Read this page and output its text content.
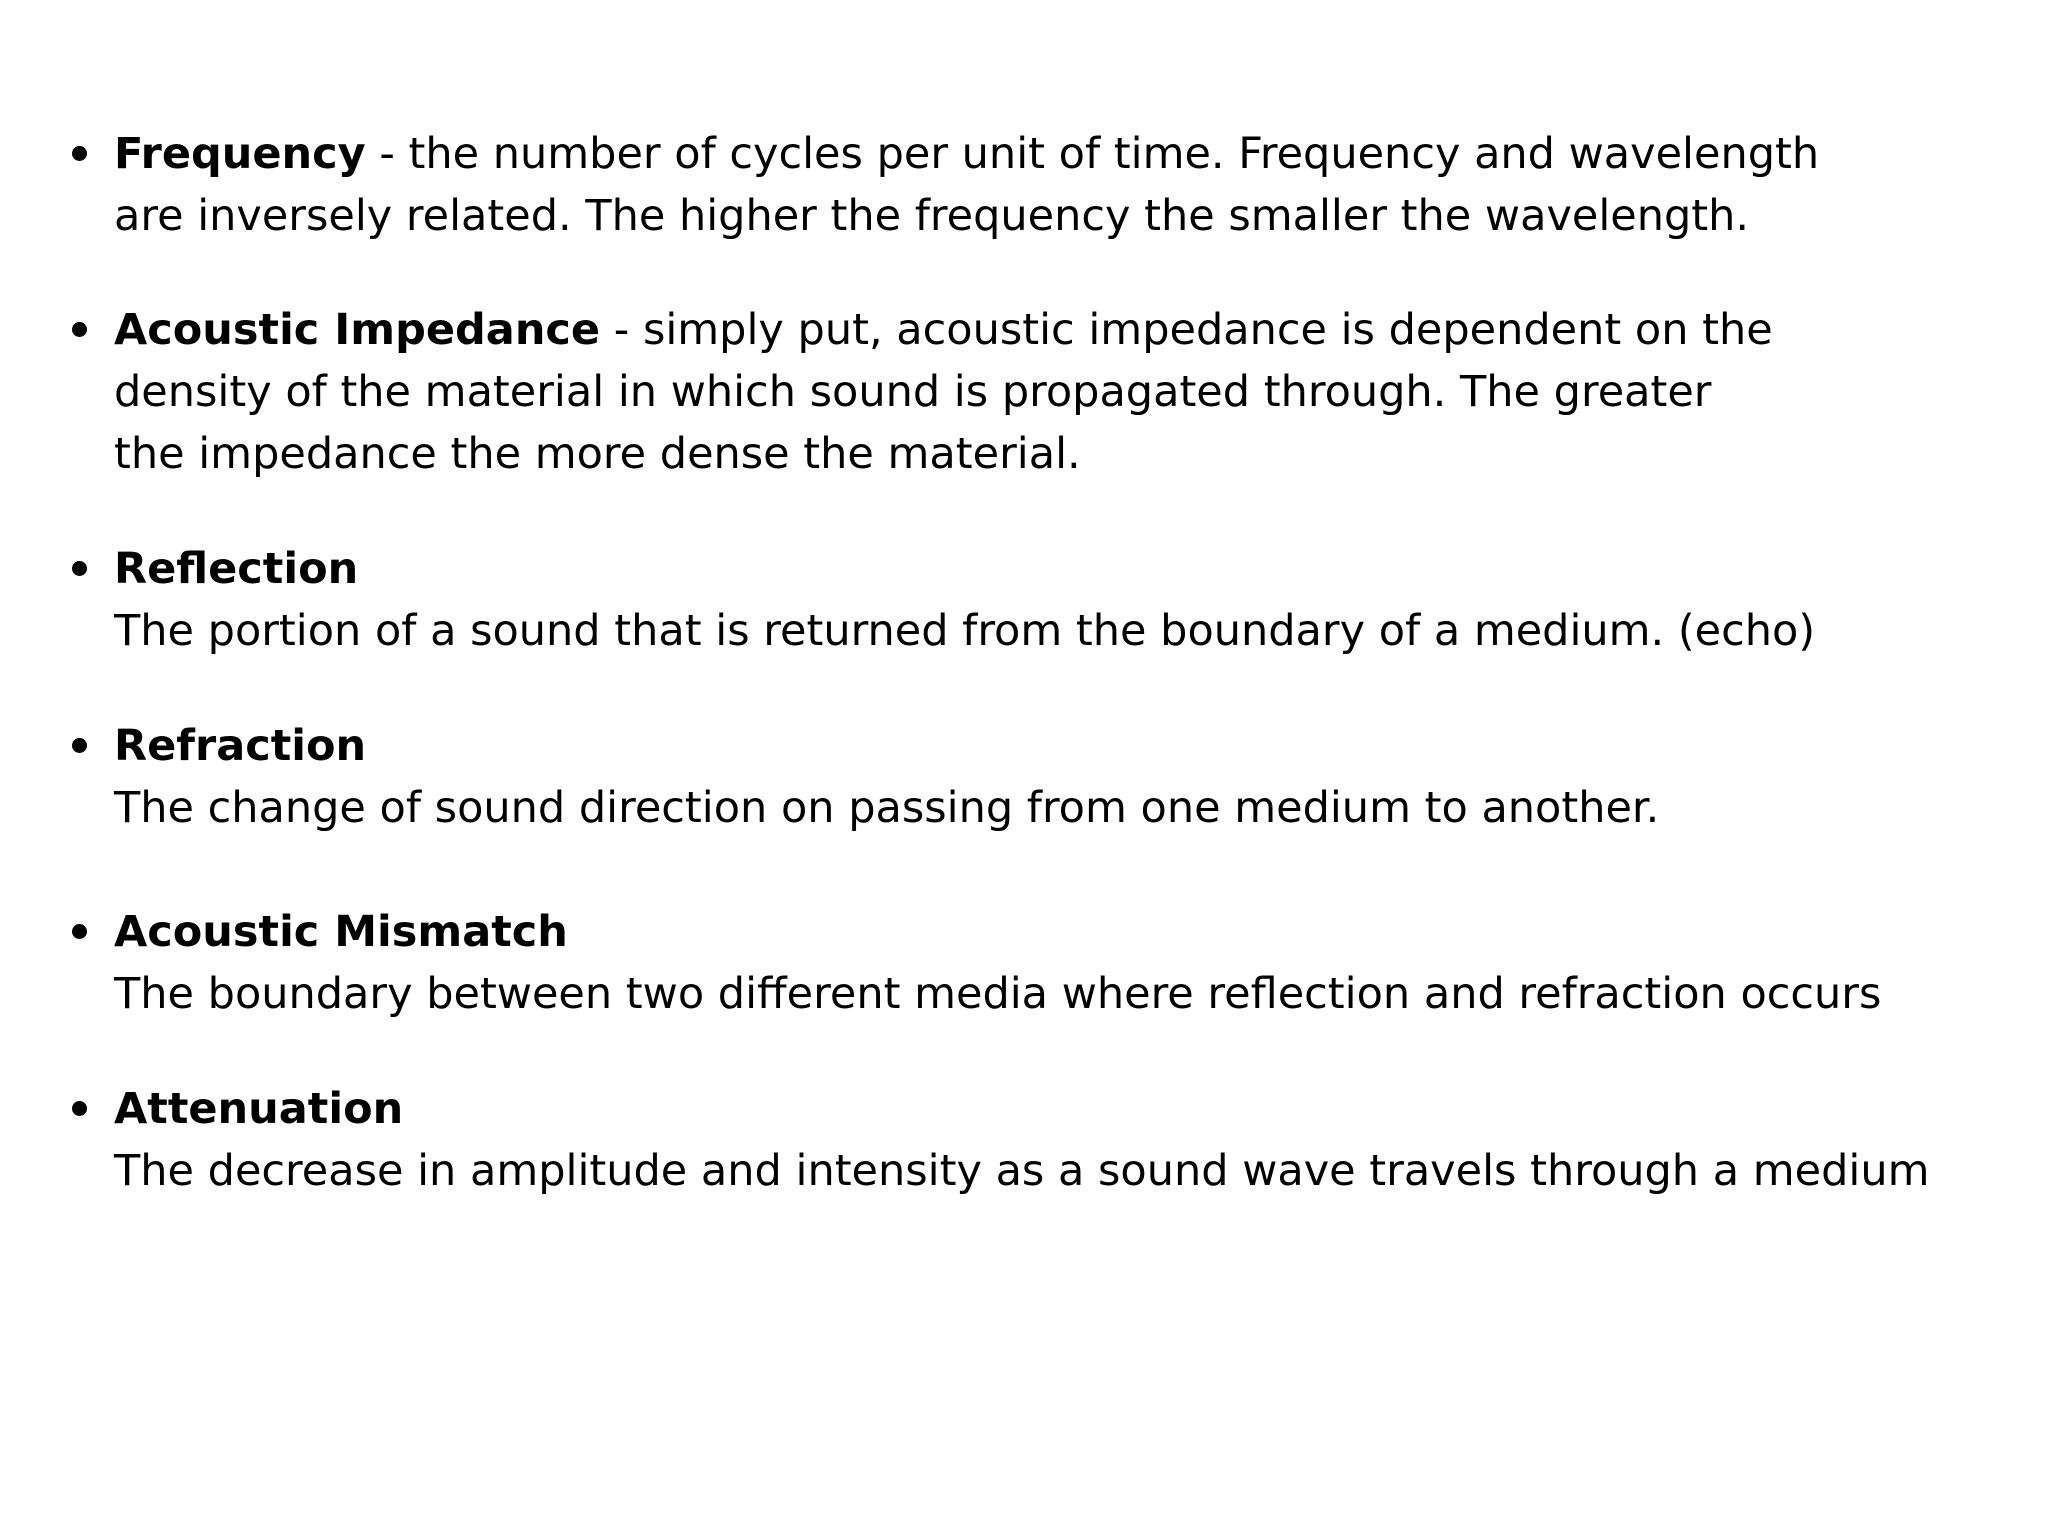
Frequency - the number of cycles per unit of time. Frequency and wavelength
are inversely related. The higher the frequency the smaller the wavelength.
Acoustic Impedance - simply put, acoustic impedance is dependent on the
density of the material in which sound is propagated through. The greater
the impedance the more dense the material.
Reflection
The portion of a sound that is returned from the boundary of a medium. (echo)
Refraction
The change of sound direction on passing from one medium to another.
Acoustic Mismatch
The boundary between two different media where reflection and refraction occurs
Attenuation
The decrease in amplitude and intensity as a sound wave travels through a medium
